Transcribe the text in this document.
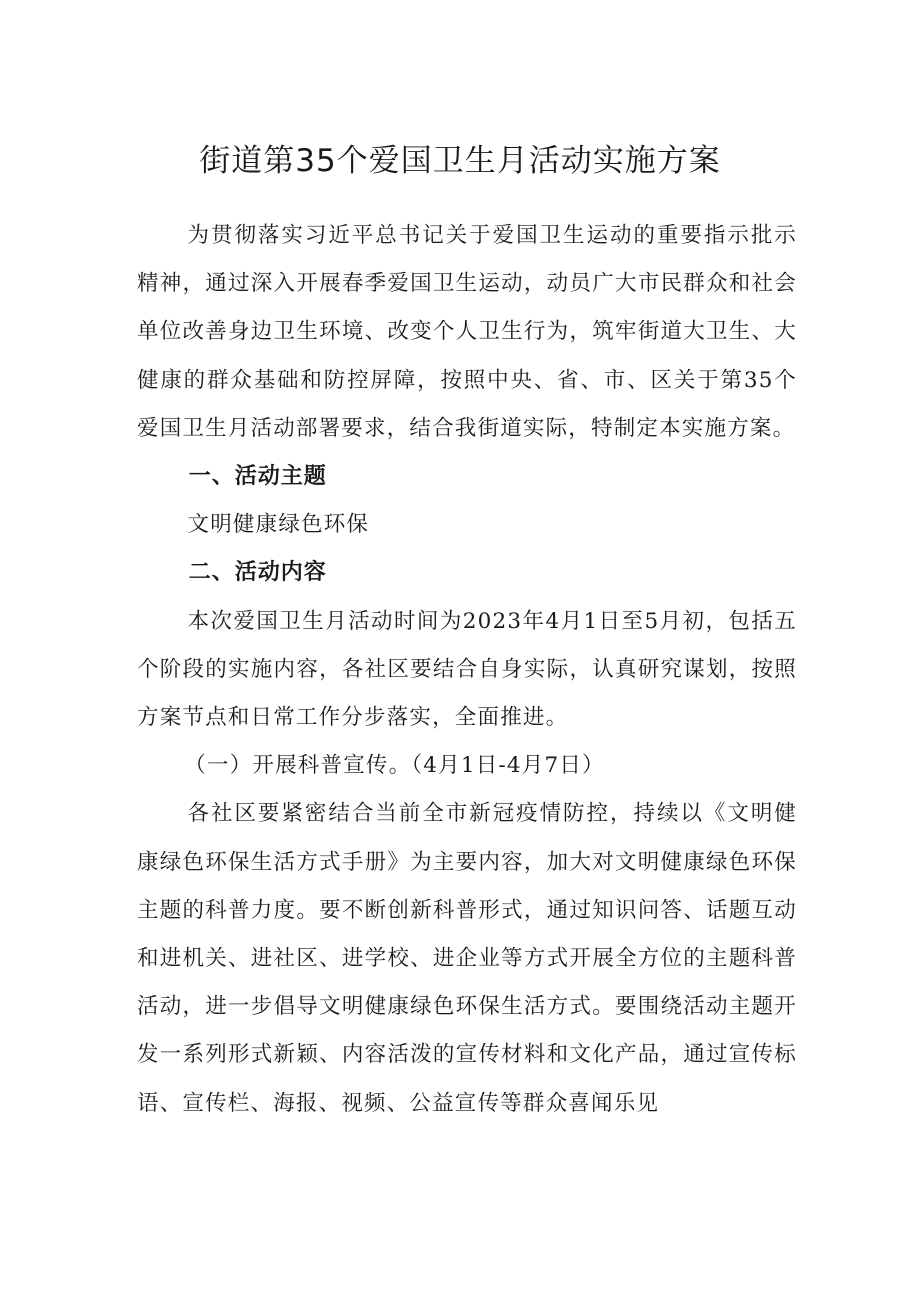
街道第35个爱国卫生月活动实施方案

为贯彻落实习近平总书记关于爱国卫生运动的重要指示批示精神，通过深入开展春季爱国卫生运动，动员广大市民群众和社会单位改善身边卫生环境、改变个人卫生行为，筑牢街道大卫生、大健康的群众基础和防控屏障，按照中央、省、市、区关于第35个爱国卫生月活动部署要求，结合我街道实际，特制定本实施方案。

一、活动主题

文明健康绿色环保

二、活动内容

本次爱国卫生月活动时间为2023年4月1日至5月初，包括五个阶段的实施内容，各社区要结合自身实际，认真研究谋划，按照方案节点和日常工作分步落实，全面推进。

（一）开展科普宣传。（4月1日-4月7日）

各社区要紧密结合当前全市新冠疫情防控，持续以《文明健康绿色环保生活方式手册》为主要内容，加大对文明健康绿色环保主题的科普力度。要不断创新科普形式，通过知识问答、话题互动和进机关、进社区、进学校、进企业等方式开展全方位的主题科普活动，进一步倡导文明健康绿色环保生活方式。要围绕活动主题开发一系列形式新颖、内容活泼的宣传材料和文化产品，通过宣传标语、宣传栏、海报、视频、公益宣传等群众喜闻乐见
